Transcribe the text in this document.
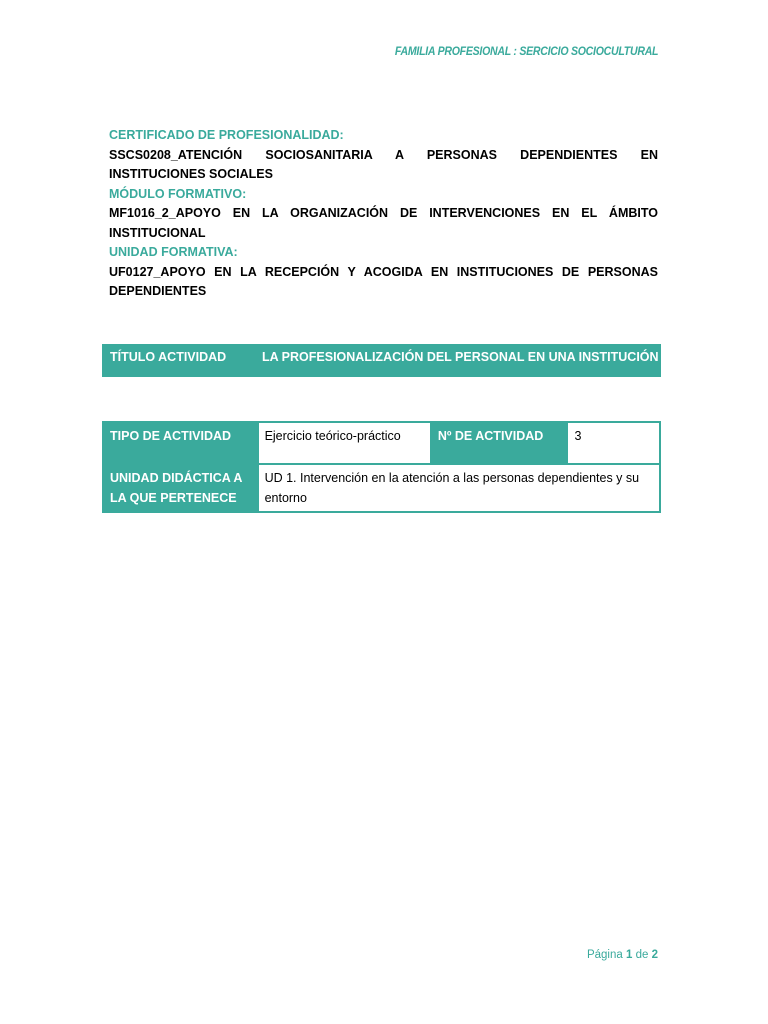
FAMILIA PROFESIONAL : SERCICIO SOCIOCULTURAL
CERTIFICADO DE PROFESIONALIDAD:
SSCS0208_ATENCIÓN SOCIOSANITARIA A PERSONAS DEPENDIENTES EN INSTITUCIONES SOCIALES
MÓDULO FORMATIVO:
MF1016_2_APOYO EN LA ORGANIZACIÓN DE INTERVENCIONES EN EL ÁMBITO INSTITUCIONAL
UNIDAD FORMATIVA:
UF0127_APOYO EN LA RECEPCIÓN Y ACOGIDA EN INSTITUCIONES DE PERSONAS DEPENDIENTES
TÍTULO ACTIVIDAD	LA PROFESIONALIZACIÓN DEL PERSONAL EN UNA INSTITUCIÓN
TIPO DE ACTIVIDAD	Ejercicio teórico-práctico	Nº DE ACTIVIDAD	3
UNIDAD DIDÁCTICA A LA QUE PERTENECE	UD 1. Intervención en la atención a las personas dependientes y su entorno		
Página 1 de 2
